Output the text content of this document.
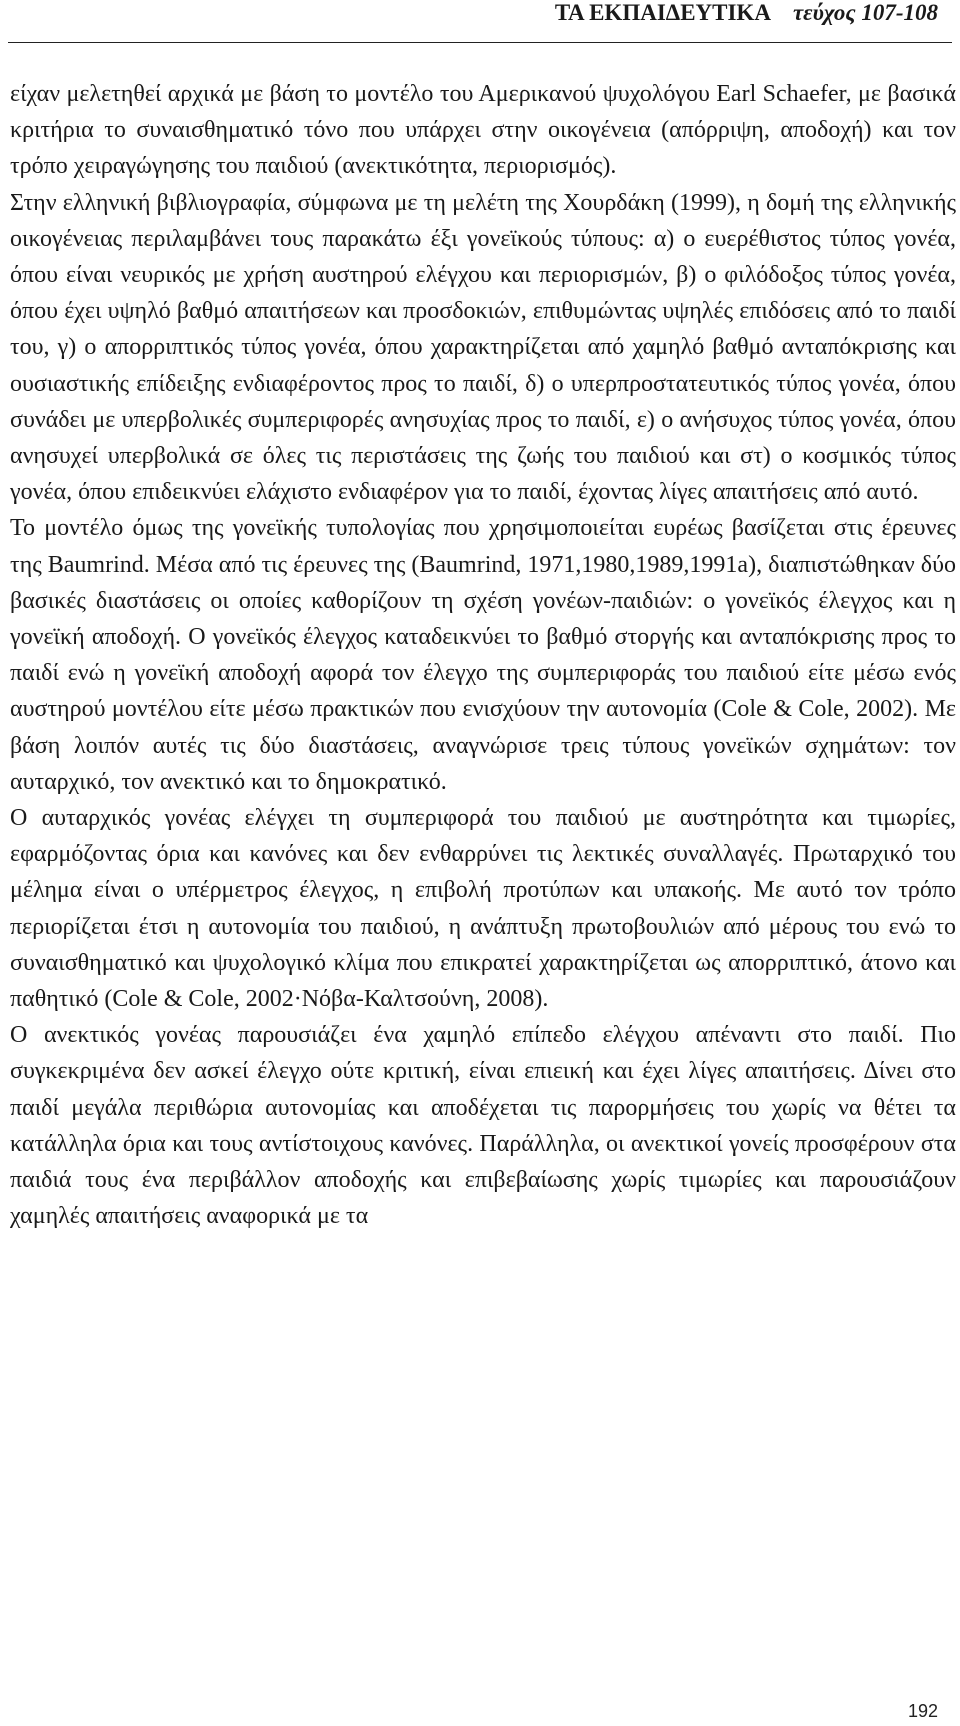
ΤΑ ΕΚΠΑΙΔΕΥΤΙΚΑ τεύχος 107-108

είχαν μελετηθεί αρχικά με βάση το μοντέλο του Αμερικανού ψυχολόγου Earl Schaefer, με βασικά κριτήρια το συναισθηματικό τόνο που υπάρχει στην οικογένεια (απόρριψη, αποδοχή) και τον τρόπο χειραγώγησης του παιδιού (ανεκτικότητα, περιορισμός).

Στην ελληνική βιβλιογραφία, σύμφωνα με τη μελέτη της Χουρδάκη (1999), η δομή της ελληνικής οικογένειας περιλαμβάνει τους παρακάτω έξι γονεϊκούς τύπους: α) ο ευερέθιστος τύπος γονέα, όπου είναι νευρικός με χρήση αυστηρού ελέγχου και περιορισμών, β) ο φιλόδοξος τύπος γονέα, όπου έχει υψηλό βαθμό απαιτήσεων και προσδοκιών, επιθυμώντας υψηλές επιδόσεις από το παιδί του, γ) ο απορριπτικός τύπος γονέα, όπου χαρακτηρίζεται από χαμηλό βαθμό ανταπόκρισης και ουσιαστικής επίδειξης ενδιαφέροντος προς το παιδί, δ) ο υπερπροστατευτικός τύπος γονέα, όπου συνάδει με υπερβολικές συμπεριφορές ανησυχίας προς το παιδί, ε) ο ανήσυχος τύπος γονέα, όπου ανησυχεί υπερβολικά σε όλες τις περιστάσεις της ζωής του παιδιού και στ) ο κοσμικός τύπος γονέα, όπου επιδεικνύει ελάχιστο ενδιαφέρον για το παιδί, έχοντας λίγες απαιτήσεις από αυτό.

Το μοντέλο όμως της γονεϊκής τυπολογίας που χρησιμοποιείται ευρέως βασίζεται στις έρευνες της Baumrind. Μέσα από τις έρευνες της (Baumrind, 1971,1980,1989,1991a), διαπιστώθηκαν δύο βασικές διαστάσεις οι οποίες καθορίζουν τη σχέση γονέων-παιδιών: ο γονεϊκός έλεγχος και η γονεϊκή αποδοχή. Ο γονεϊκός έλεγχος καταδεικνύει το βαθμό στοργής και ανταπόκρισης προς το παιδί ενώ η γονεϊκή αποδοχή αφορά τον έλεγχο της συμπεριφοράς του παιδιού είτε μέσω ενός αυστηρού μοντέλου είτε μέσω πρακτικών που ενισχύουν την αυτονομία (Cole & Cole, 2002). Με βάση λοιπόν αυτές τις δύο διαστάσεις, αναγνώρισε τρεις τύπους γονεϊκών σχημάτων: τον αυταρχικό, τον ανεκτικό και το δημοκρατικό.

Ο αυταρχικός γονέας ελέγχει τη συμπεριφορά του παιδιού με αυστηρότητα και τιμωρίες, εφαρμόζοντας όρια και κανόνες και δεν ενθαρρύνει τις λεκτικές συναλλαγές. Πρωταρχικό του μέλημα είναι ο υπέρμετρος έλεγχος, η επιβολή προτύπων και υπακοής. Με αυτό τον τρόπο περιορίζεται έτσι η αυτονομία του παιδιού, η ανάπτυξη πρωτοβουλιών από μέρους του ενώ το συναισθηματικό και ψυχολογικό κλίμα που επικρατεί χαρακτηρίζεται ως απορριπτικό, άτονο και παθητικό (Cole & Cole, 2002·Νόβα-Καλτσούνη, 2008).

Ο ανεκτικός γονέας παρουσιάζει ένα χαμηλό επίπεδο ελέγχου απέναντι στο παιδί. Πιο συγκεκριμένα δεν ασκεί έλεγχο ούτε κριτική, είναι επιεική και έχει λίγες απαιτήσεις. Δίνει στο παιδί μεγάλα περιθώρια αυτονομίας και αποδέχεται τις παρορμήσεις του χωρίς να θέτει τα κατάλληλα όρια και τους αντίστοιχους κανόνες. Παράλληλα, οι ανεκτικοί γονείς προσφέρουν στα παιδιά τους ένα περιβάλλον αποδοχής και επιβεβαίωσης χωρίς τιμωρίες και παρουσιάζουν χαμηλές απαιτήσεις αναφορικά με τα

192
